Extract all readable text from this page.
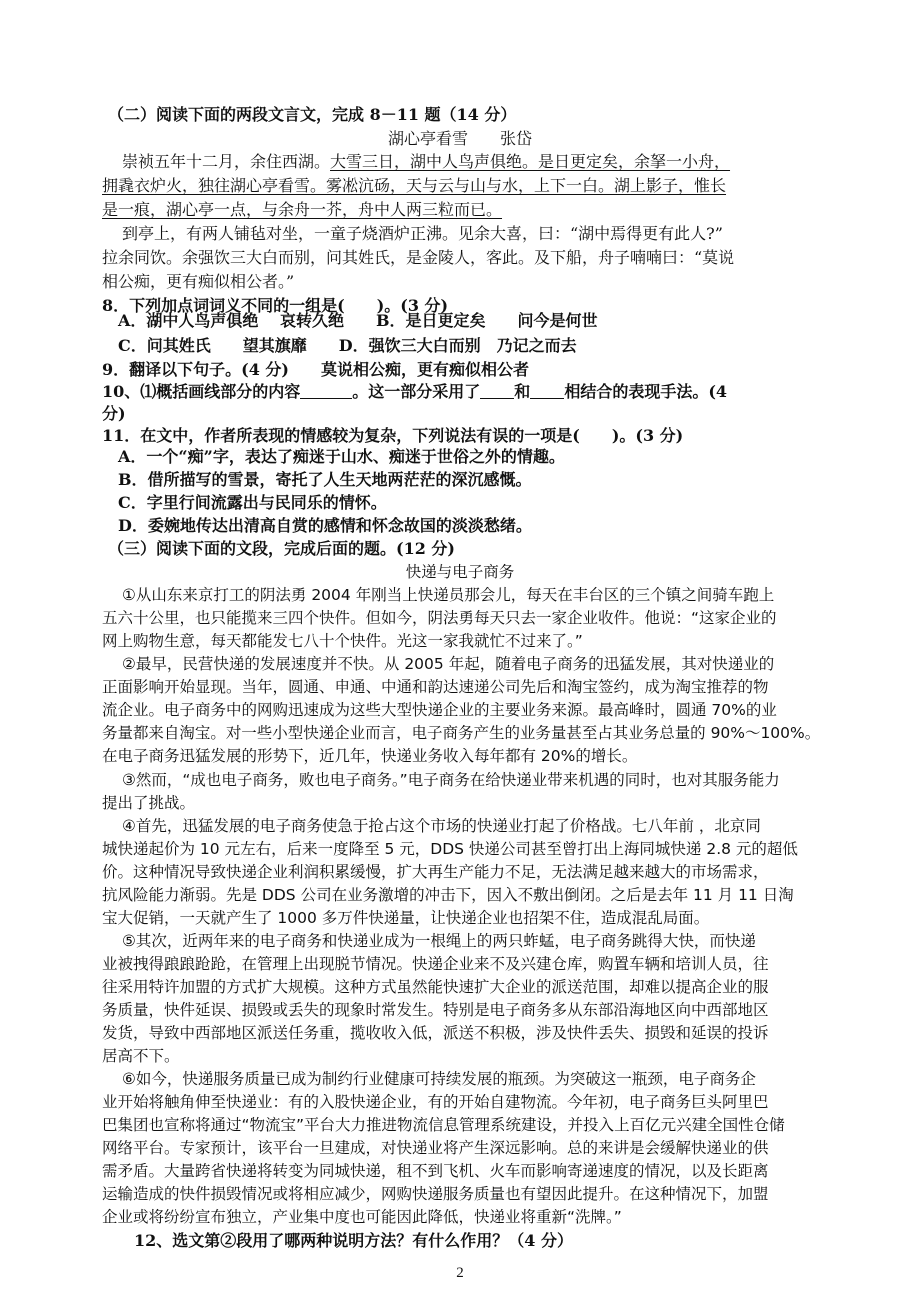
（二）阅读下面的两段文言文，完成 8－11 题（14 分）
湖心亭看雪　　 张岱
崇祯五年十二月，余住西湖。大雪三日，湖中人鸟声俱绝。是日更定矣，余拏一小舟，
拥毳衣炉火，独往湖心亭看雪。雾凇沆砀，天与云与山与水，上下一白。湖上影子，惟长
是一痕，湖心亭一点，与余舟一芥，舟中人两三粒而已。
到亭上，有两人铺毡对坐，一童子烧酒炉正沸。见余大喜，曰：“湖中焉得更有此人?”
拉余同饮。余强饮三大白而别，问其姓氏，是金陵人，客此。及下船，舟子喃喃曰：“莫说
相公痴，更有痴似相公者。”
8．下列加点词词义不同的一组是(　　)。(3 分)
A．湖中人鸟声俱绝　 哀转久绝　　 B．是日更定矣　　问今是何世
C．问其姓氏　　望其旗靡　　 D．强饮三大白而别　乃记之而去
9．翻译以下句子。(4 分)　　莫说相公痴，更有痴似相公者
10、⑴概括画线部分的内容	。这一部分采用了 和 相结合的表现手法。(4
分)
11．在文中，作者所表现的情感较为复杂，下列说法有误的一项是(　　)。(3 分)
A．一个“痴”字，表达了痴迷于山水、痴迷于世俗之外的情趣。
B．借所描写的雪景，寄托了人生天地两茫茫的深沉感慨。
C．字里行间流露出与民同乐的情怀。
D．委婉地传达出清高自赏的感情和怀念故国的淡淡愁绪。
（三）阅读下面的文段，完成后面的题。(12 分)
快递与电子商务
①从山东来京打工的阴法勇 2004 年刚当上快递员那会儿，每天在丰台区的三个镇之间骑车跑上
五六十公里，也只能揽来三四个快件。但如今，阴法勇每天只去一家企业收件。他说：“这家企业的
网上购物生意，每天都能发七八十个快件。光这一家我就忙不过来了。”
②最早，民营快递的发展速度并不快。从 2005 年起，随着电子商务的迅猛发展，其对快递业的
正面影响开始显现。当年，圆通、申通、中通和韵达速递公司先后和淘宝签约，成为淘宝推荐的物
流企业。电子商务中的网购迅速成为这些大型快递企业的主要业务来源。最高峰时，圆通 70%的业
务量都来自淘宝。对一些小型快递企业而言，电子商务产生的业务量甚至占其业务总量的 90%～100%。
在电子商务迅猛发展的形势下，近几年，快递业务收入每年都有 20%的增长。
③然而，“成也电子商务，败也电子商务。”电子商务在给快递业带来机遇的同时，也对其服务能力
提出了挑战。
④首先，迅猛发展的电子商务使急于抢占这个市场的快递业打起了价格战。七八年前 ，北京同
城快递起价为 10 元左右，后来一度降至 5 元，DDS 快递公司甚至曾打出上海同城快递 2.8 元的超低
价。这种情况导致快递企业利润积累缓慢，扩大再生产能力不足，无法满足越来越大的市场需求，
抗风险能力渐弱。先是 DDS 公司在业务激增的冲击下，因入不敷出倒闭。之后是去年 11 月 11 日淘
宝大促销，一天就产生了 1000 多万件快递量，让快递企业也招架不住，造成混乱局面。
⑤其次，近两年来的电子商务和快递业成为一根绳上的两只蚱蜢，电子商务跳得大快，而快递
业被拽得踉踉跄跄，在管理上出现脱节情况。快递企业来不及兴建仓库，购置车辆和培训人员，往
往采用特许加盟的方式扩大规模。这种方式虽然能快速扩大企业的派送范围，却难以提高企业的服
务质量，快件延误、损毁或丢失的现象时常发生。特别是电子商务多从东部沿海地区向中西部地区
发货，导致中西部地区派送任务重，揽收收入低，派送不积极，涉及快件丢失、损毁和延误的投诉
居高不下。
⑥如今，快递服务质量已成为制约行业健康可持续发展的瓶颈。为突破这一瓶颈，电子商务企
业开始将触角伸至快递业：有的入股快递企业，有的开始自建物流。今年初，电子商务巨头阿里巴
巴集团也宣称将通过“物流宝”平台大力推进物流信息管理系统建设，并投入上百亿元兴建全国性仓储
网络平台。专家预计，该平台一旦建成，对快递业将产生深远影响。总的来讲是会缓解快递业的供
需矛盾。大量跨省快递将转变为同城快递，租不到飞机、火车而影响寄递速度的情况，以及长距离
运输造成的快件损毁情况或将相应减少，网购快递服务质量也有望因此提升。在这种情况下，加盟
企业或将纷纷宣布独立，产业集中度也可能因此降低，快递业将重新“洗牌。”
12、选文第②段用了哪两种说明方法？有什么作用？（4 分）
2
